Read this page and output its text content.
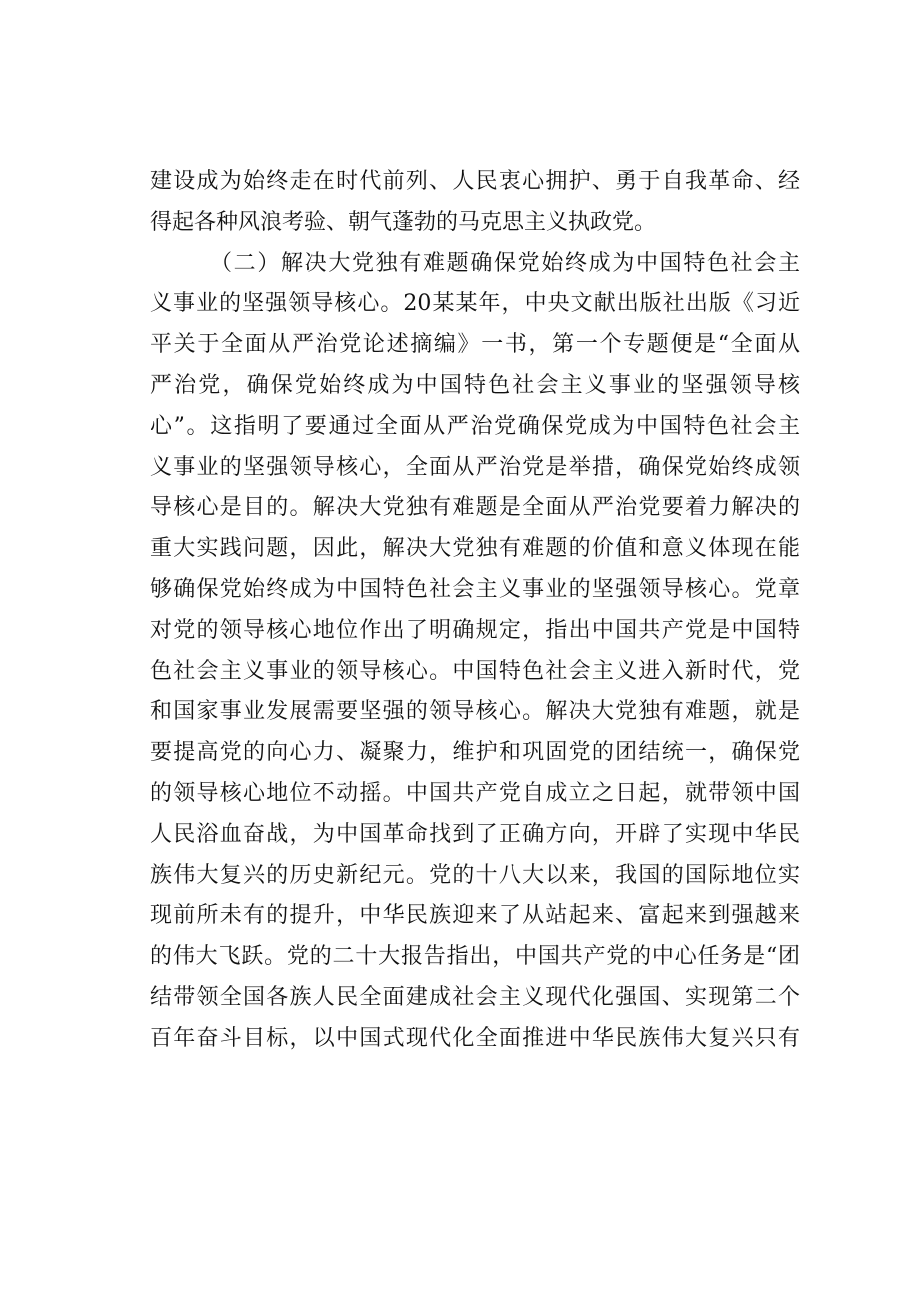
建设成为始终走在时代前列、人民衷心拥护、勇于自我革命、经
得起各种风浪考验、朝气蓬勃的马克思主义执政党。
（二）解决大党独有难题确保党始终成为中国特色社会主
义事业的坚强领导核心。20某某年，中央文献出版社出版《习近
平关于全面从严治党论述摘编》一书，第一个专题便是“全面从
严治党，确保党始终成为中国特色社会主义事业的坚强领导核
心”。这指明了要通过全面从严治党确保党成为中国特色社会主
义事业的坚强领导核心，全面从严治党是举措，确保党始终成领
导核心是目的。解决大党独有难题是全面从严治党要着力解决的
重大实践问题，因此，解决大党独有难题的价值和意义体现在能
够确保党始终成为中国特色社会主义事业的坚强领导核心。党章
对党的领导核心地位作出了明确规定，指出中国共产党是中国特
色社会主义事业的领导核心。中国特色社会主义进入新时代，党
和国家事业发展需要坚强的领导核心。解决大党独有难题，就是
要提高党的向心力、凝聚力，维护和巩固党的团结统一，确保党
的领导核心地位不动摇。中国共产党自成立之日起，就带领中国
人民浴血奋战，为中国革命找到了正确方向，开辟了实现中华民
族伟大复兴的历史新纪元。党的十八大以来，我国的国际地位实
现前所未有的提升，中华民族迎来了从站起来、富起来到强越来
的伟大飞跃。党的二十大报告指出，中国共产党的中心任务是“团
结带领全国各族人民全面建成社会主义现代化强国、实现第二个
百年奋斗目标，以中国式现代化全面推进中华民族伟大复兴只有
